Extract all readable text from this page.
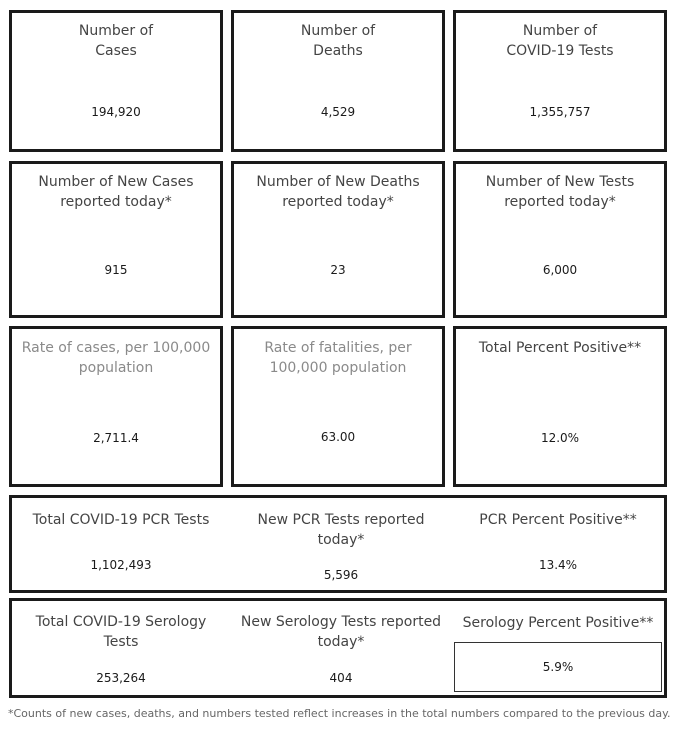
Number of
Cases
194,920
Number of
Deaths
4,529
Number of
COVID-19 Tests
1,355,757
Number of New Cases
reported today*
915
Number of New Deaths
reported today*
23
Number of New Tests
reported today*
6,000
Rate of cases, per 100,000
population
2,711.4
Rate of fatalities, per
100,000 population
63.00
Total Percent Positive**
12.0%
Total COVID-19 PCR Tests
1,102,493
New PCR Tests reported
today*
5,596
PCR Percent Positive**
13.4%
Total COVID-19 Serology
Tests
253,264
New Serology Tests reported
today*
404
Serology Percent Positive**
5.9%
*Counts of new cases, deaths, and numbers tested reflect increases in the total numbers compared to the previous day.
